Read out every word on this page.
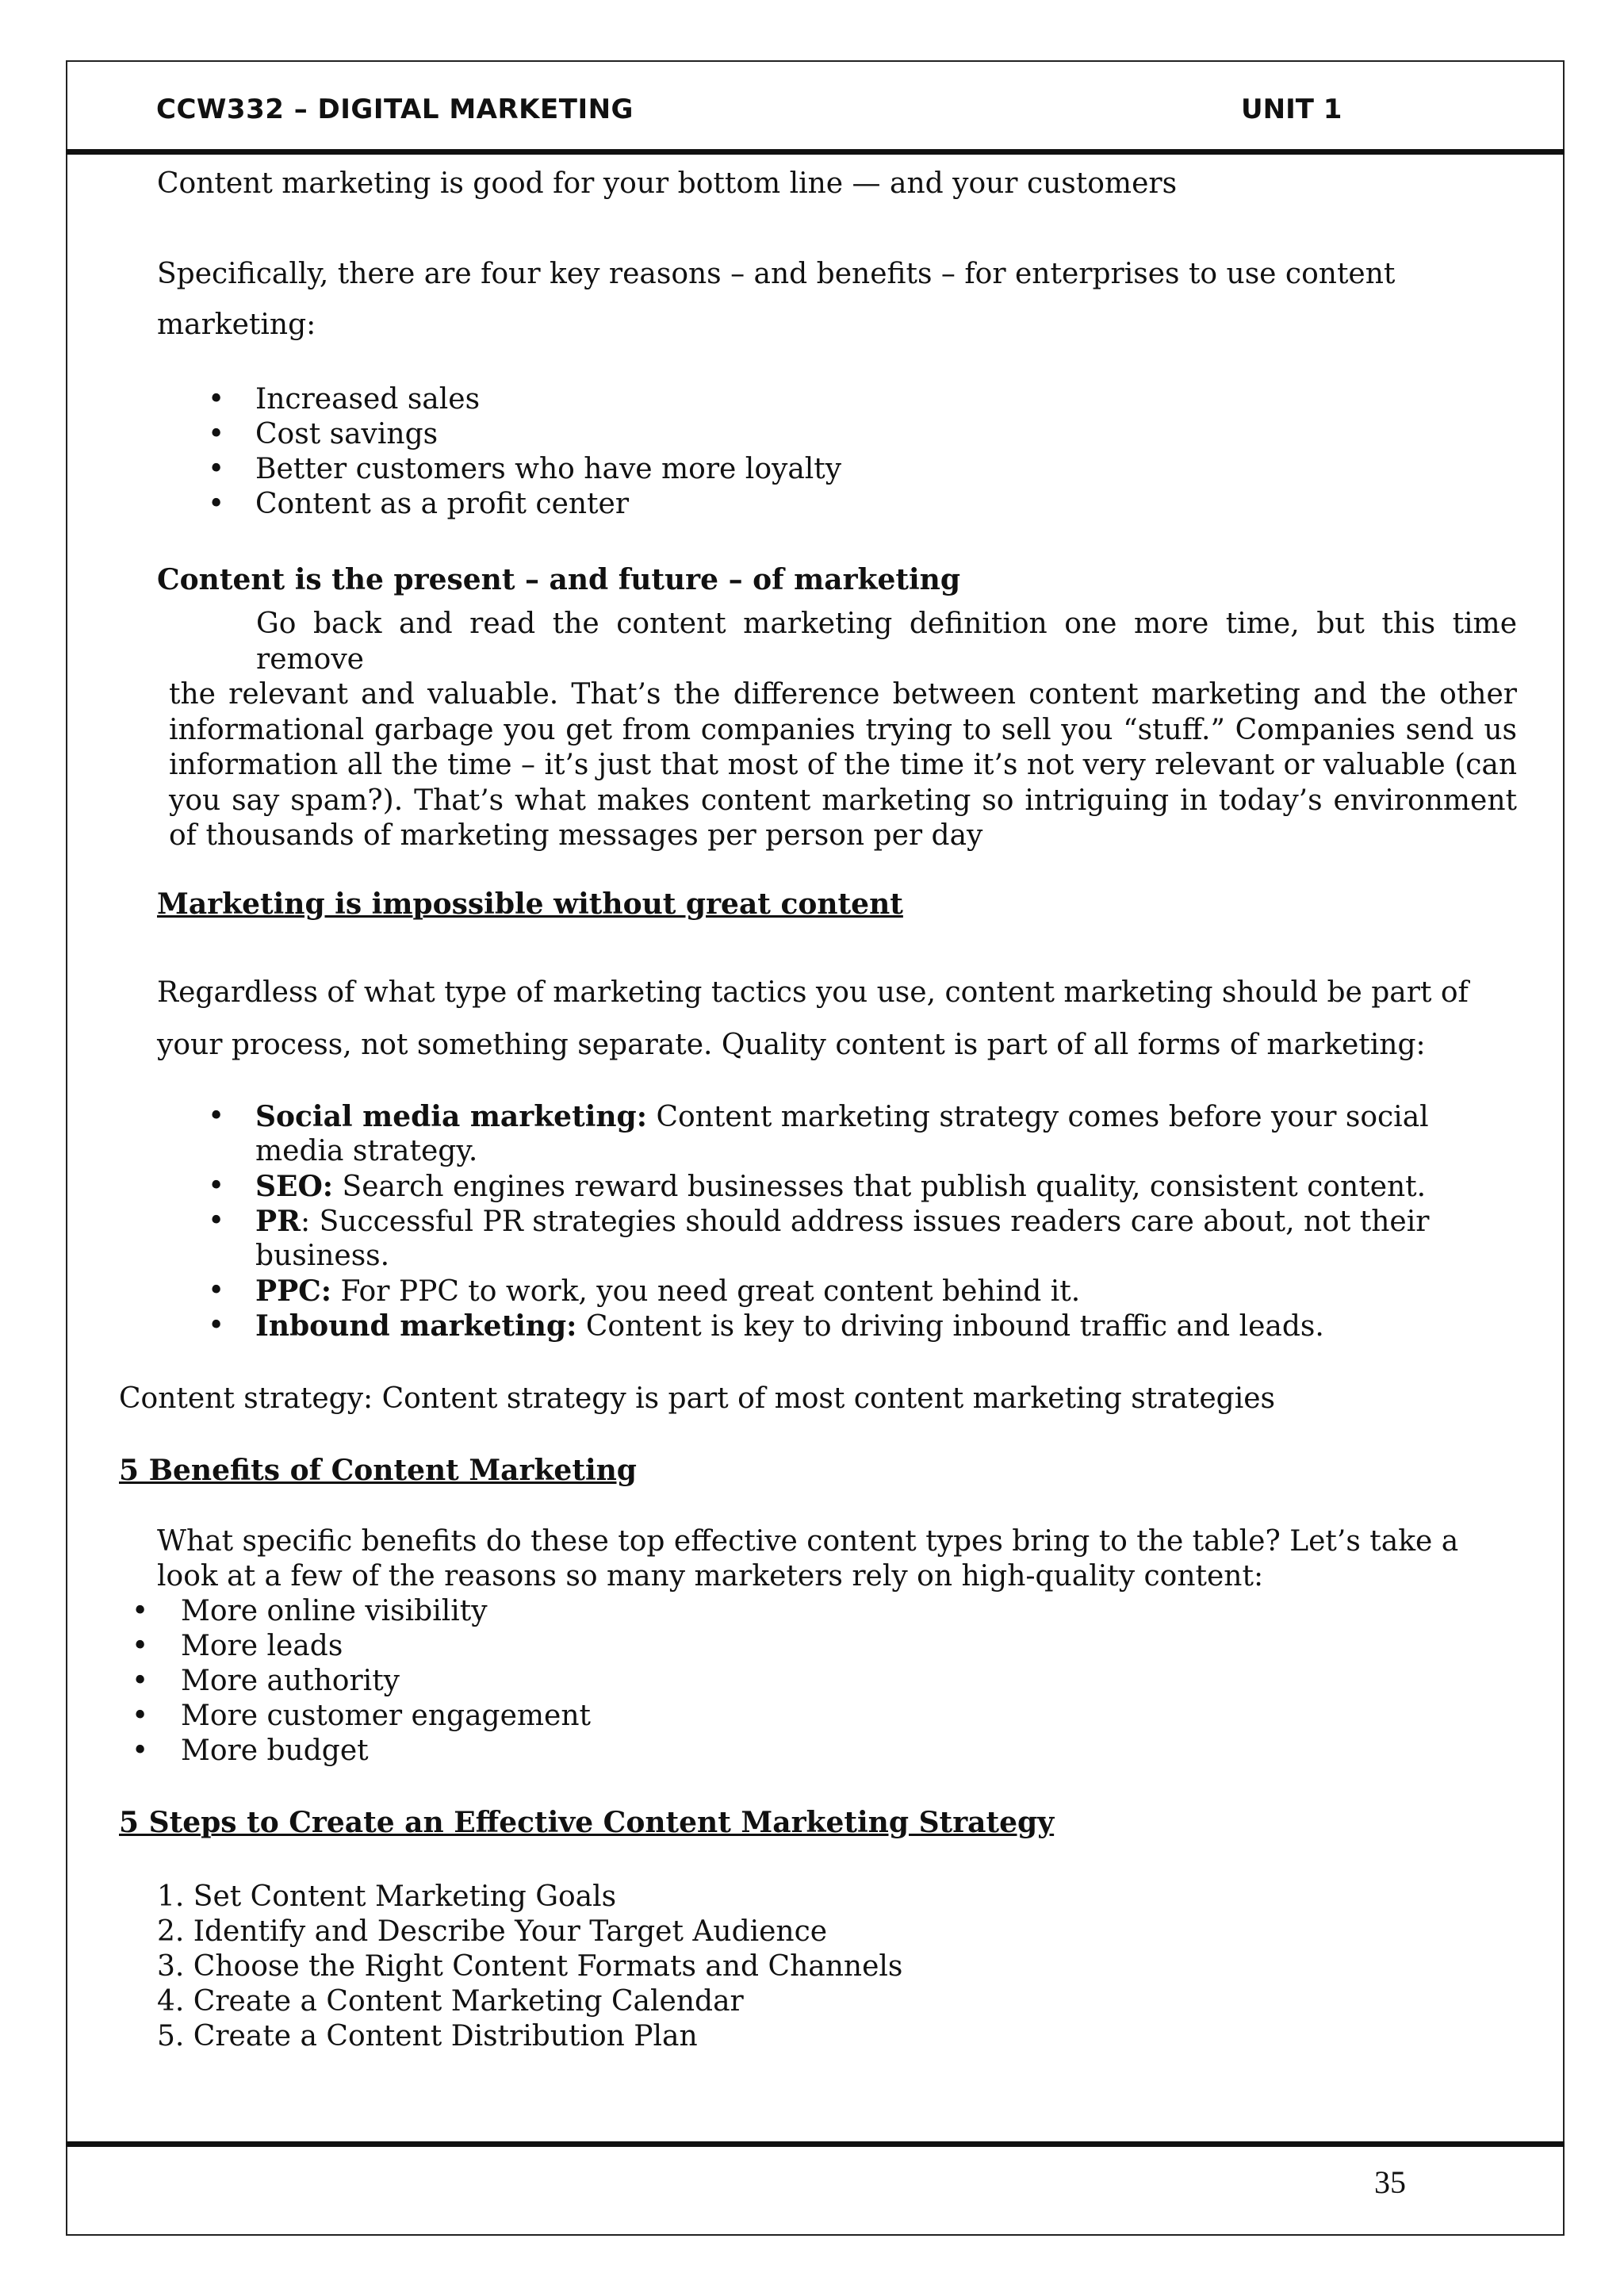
CCW332 – DIGITAL MARKETING	UNIT 1
Content marketing is good for your bottom line — and your customers
Specifically, there are four key reasons – and benefits – for enterprises to use content
marketing:
• Increased sales
• Cost savings
• Better customers who have more loyalty
• Content as a profit center
Content is the present – and future – of marketing
Go back and read the content marketing definition one more time, but this time remove
the relevant and valuable. That’s the difference between content marketing and the other
informational garbage you get from companies trying to sell you “stuff.” Companies send us
information all the time – it’s just that most of the time it’s not very relevant or valuable (can
you say spam?). That’s what makes content marketing so intriguing in today’s environment
of thousands of marketing messages per person per day
Marketing is impossible without great content
Regardless of what type of marketing tactics you use, content marketing should be part of
your process, not something separate. Quality content is part of all forms of marketing:
• Social media marketing: Content marketing strategy comes before your social
media strategy.
• SEO: Search engines reward businesses that publish quality, consistent content.
• PR: Successful PR strategies should address issues readers care about, not their
business.
• PPC: For PPC to work, you need great content behind it.
• Inbound marketing: Content is key to driving inbound traffic and leads.
Content strategy: Content strategy is part of most content marketing strategies
5 Benefits of Content Marketing
What specific benefits do these top effective content types bring to the table? Let’s take a
look at a few of the reasons so many marketers rely on high-quality content:
• More online visibility
• More leads
• More authority
• More customer engagement
• More budget
5 Steps to Create an Effective Content Marketing Strategy
1. Set Content Marketing Goals
2. Identify and Describe Your Target Audience
3. Choose the Right Content Formats and Channels
4. Create a Content Marketing Calendar
5. Create a Content Distribution Plan
35
